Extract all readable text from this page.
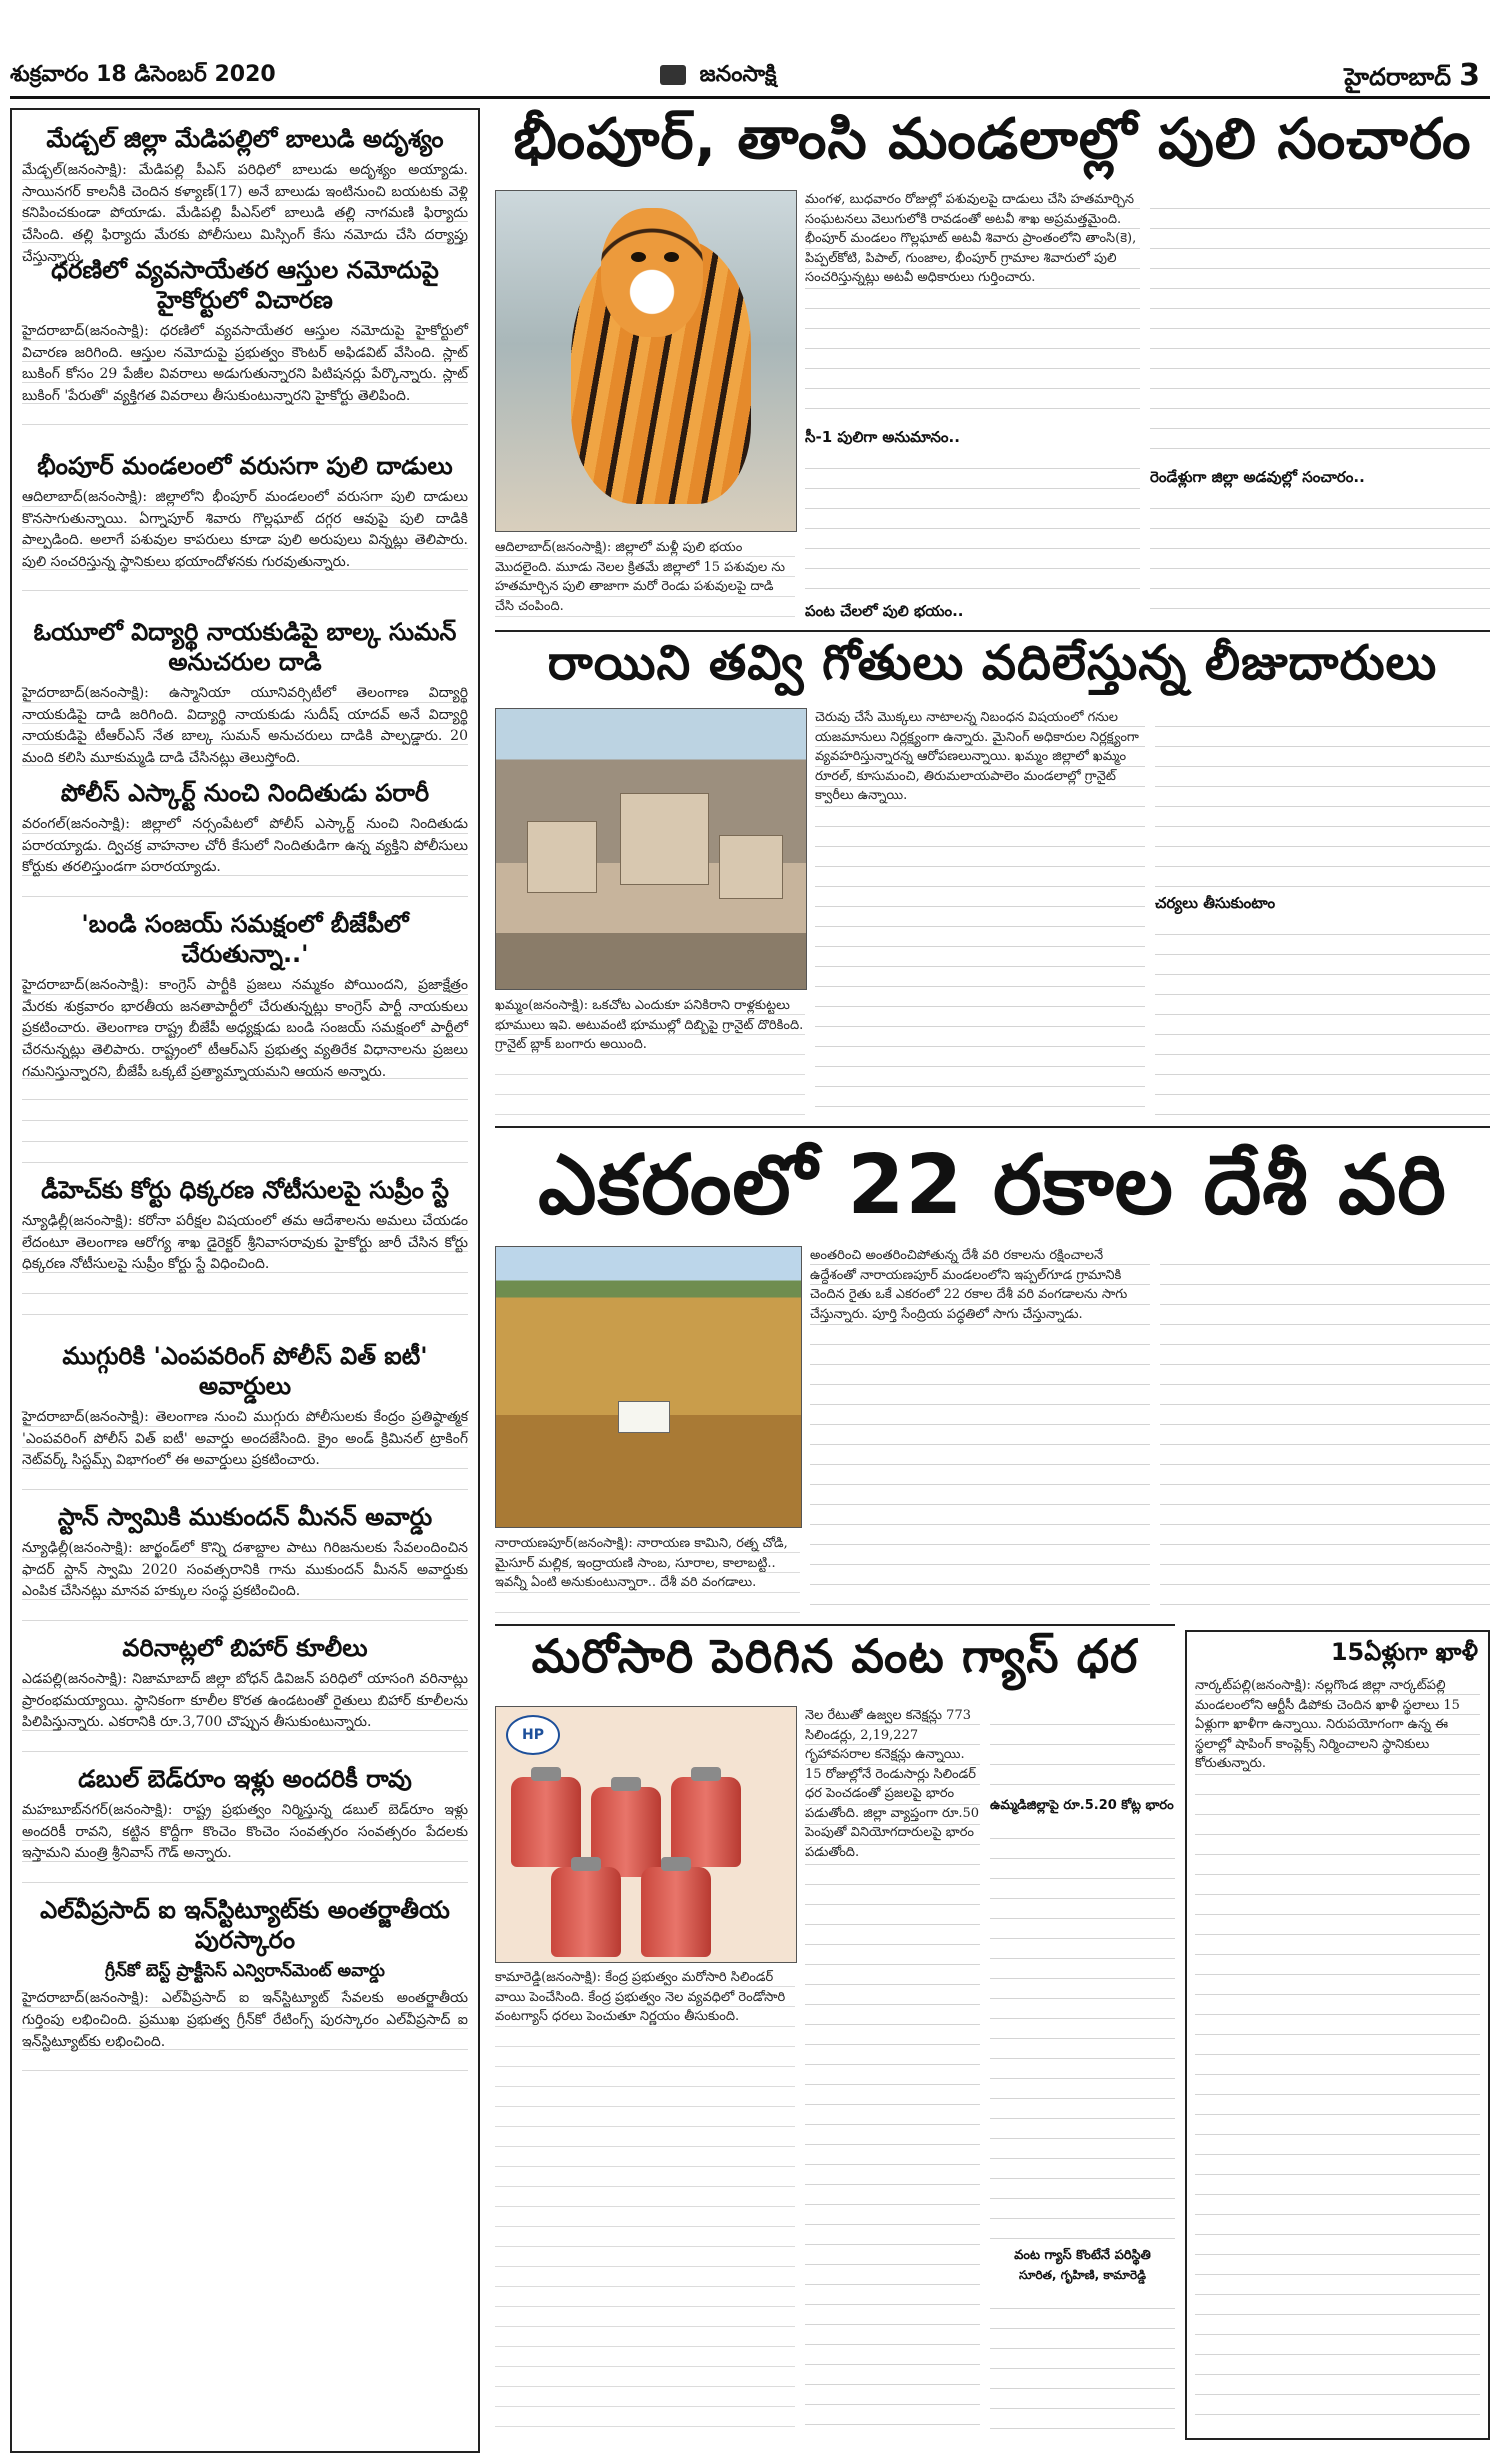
శుక్రవారం 18 డిసెంబర్ 2020	జనంసాక్షి	హైదరాబాద్ 3
మేడ్చల్ జిల్లా మేడిపల్లిలో బాలుడి అదృశ్యం
మేడ్చల్(జనంసాక్షి): మేడిపల్లి పీఎస్ పరిధిలో బాలుడు అదృశ్యం అయ్యాడు. సాయినగర్ కాలనీకి చెందిన కళ్యాణ్(17) అనే బాలుడు ఇంటినుంచి బయటకు వెళ్లి కనిపించకుండా పోయాడు. మేడిపల్లి పీఎస్‌లో బాలుడి తల్లి నాగమణి ఫిర్యాదు చేసింది. తల్లి ఫిర్యాదు మేరకు పోలీసులు మిస్సింగ్ కేసు నమోదు చేసి దర్యాప్తు చేస్తున్నారు.
ధరణిలో వ్యవసాయేతర ఆస్తుల నమోదుపై హైకోర్టులో విచారణ
హైదరాబాద్(జనంసాక్షి): ధరణిలో వ్యవసాయేతర ఆస్తుల నమోదుపై హైకోర్టులో విచారణ జరిగింది. ఆస్తుల నమోదుపై ప్రభుత్వం కౌంటర్ అఫిడవిట్ వేసింది. స్లాట్ బుకింగ్ కోసం 29 పేజీల వివరాలు అడుగుతున్నారని పిటిషనర్లు పేర్కొన్నారు. స్లాట్ బుకింగ్ 'పేరుతో' వ్యక్తిగత వివరాలు తీసుకుంటున్నారని హైకోర్టు తెలిపింది.
భీంపూర్ మండలంలో వరుసగా పులి దాడులు
ఆదిలాబాద్(జనంసాక్షి): జిల్లాలోని భీంపూర్ మండలంలో వరుసగా పులి దాడులు కొనసాగుతున్నాయి. ఏగ్నాపూర్ శివారు గొల్లఘాట్ దగ్గర ఆవుపై పులి దాడికి పాల్పడింది. అలాగే పశువుల కాపరులు కూడా పులి అరుపులు విన్నట్లు తెలిపారు. పులి సంచరిస్తున్న స్థానికులు భయాందోళనకు గురవుతున్నారు.
ఓయూలో విద్యార్థి నాయకుడిపై బాల్క సుమన్ అనుచరుల దాడి
హైదరాబాద్(జనంసాక్షి): ఉస్మానియా యూనివర్సిటీలో తెలంగాణ విద్యార్థి నాయకుడిపై దాడి జరిగింది. విద్యార్థి నాయకుడు సుదీష్ యాదవ్ అనే విద్యార్థి నాయకుడిపై టీఆర్ఎస్ నేత బాల్క సుమన్ అనుచరులు దాడికి పాల్పడ్డారు. 20 మంది కలిసి మూకుమ్మడి దాడి చేసినట్లు తెలుస్తోంది.
పోలీస్ ఎస్కార్ట్ నుంచి నిందితుడు పరారీ
వరంగల్(జనంసాక్షి): జిల్లాలో నర్సంపేటలో పోలీస్ ఎస్కార్ట్ నుంచి నిందితుడు పరారయ్యాడు. ద్విచక్ర వాహనాల చోరీ కేసులో నిందితుడిగా ఉన్న వ్యక్తిని పోలీసులు కోర్టుకు తరలిస్తుండగా పరారయ్యాడు.
'బండి సంజయ్ సమక్షంలో బీజేపీలో చేరుతున్నా..'
హైదరాబాద్(జనంసాక్షి): కాంగ్రెస్ పార్టీకి ప్రజలు నమ్మకం పోయిందని, ప్రజాక్షేత్రం మేరకు శుక్రవారం భారతీయ జనతాపార్టీలో చేరుతున్నట్లు కాంగ్రెస్ పార్టీ నాయకులు ప్రకటించారు. తెలంగాణ రాష్ట్ర బీజేపీ అధ్యక్షుడు బండి సంజయ్ సమక్షంలో పార్టీలో చేరనున్నట్లు తెలిపారు. రాష్ట్రంలో టీఆర్ఎస్ ప్రభుత్వ వ్యతిరేక విధానాలను ప్రజలు గమనిస్తున్నారని, బీజేపీ ఒక్కటే ప్రత్యామ్నాయమని ఆయన అన్నారు.
డీహెచ్‌కు కోర్టు ధిక్కరణ నోటీసులపై సుప్రీం స్టే
న్యూఢిల్లీ(జనంసాక్షి): కరోనా పరీక్షల విషయంలో తమ ఆదేశాలను అమలు చేయడం లేదంటూ తెలంగాణ ఆరోగ్య శాఖ డైరెక్టర్ శ్రీనివాసరావుకు హైకోర్టు జారీ చేసిన కోర్టు ధిక్కరణ నోటీసులపై సుప్రీం కోర్టు స్టే విధించింది.
ముగ్గురికి 'ఎంపవరింగ్ పోలీస్ విత్ ఐటీ' అవార్డులు
హైదరాబాద్(జనంసాక్షి): తెలంగాణ నుంచి ముగ్గురు పోలీసులకు కేంద్రం ప్రతిష్ఠాత్మక 'ఎంపవరింగ్ పోలీస్ విత్ ఐటీ' అవార్డు అందజేసింది. క్రైం అండ్ క్రిమినల్ ట్రాకింగ్ నెట్‌వర్క్ సిస్టమ్స్ విభాగంలో ఈ అవార్డులు ప్రకటించారు.
స్టాన్ స్వామికి ముకుందన్ మీనన్ అవార్డు
న్యూఢిల్లీ(జనంసాక్షి): జార్ఖండ్‌లో కొన్ని దశాబ్దాల పాటు గిరిజనులకు సేవలందించిన ఫాదర్ స్టాన్ స్వామి 2020 సంవత్సరానికి గాను ముకుందన్ మీనన్ అవార్డుకు ఎంపిక చేసినట్లు మానవ హక్కుల సంస్థ ప్రకటించింది.
వరినాట్లలో బిహార్ కూలీలు
ఎడపల్లి(జనంసాక్షి): నిజామాబాద్ జిల్లా బోధన్ డివిజన్ పరిధిలో యాసంగి వరినాట్లు ప్రారంభమయ్యాయి. స్థానికంగా కూలీల కొరత ఉండటంతో రైతులు బిహార్ కూలీలను పిలిపిస్తున్నారు. ఎకరానికి రూ.3,700 చొప్పున తీసుకుంటున్నారు.
డబుల్ బెడ్‌రూం ఇళ్లు అందరికీ రావు
మహబూబ్‌నగర్(జనంసాక్షి): రాష్ట్ర ప్రభుత్వం నిర్మిస్తున్న డబుల్ బెడ్‌రూం ఇళ్లు అందరికీ రావని, కట్టిన కొద్దీగా కొంచెం కొంచెం సంవత్సరం సంవత్సరం పేదలకు ఇస్తామని మంత్రి శ్రీనివాస్ గౌడ్ అన్నారు.
ఎల్‌వీప్రసాద్ ఐ ఇన్‌స్టిట్యూట్‌కు అంతర్జాతీయ పురస్కారం
గ్రీన్‌కో బెస్ట్ ప్రాక్టీసెస్ ఎన్విరాన్‌మెంట్ అవార్డు
హైదరాబాద్(జనంసాక్షి): ఎల్‌వీప్రసాద్ ఐ ఇన్‌స్టిట్యూట్ సేవలకు అంతర్జాతీయ గుర్తింపు లభించింది. ప్రముఖ ప్రభుత్వ గ్రీన్‌కో రేటింగ్స్ పురస్కారం ఎల్‌వీప్రసాద్ ఐ ఇన్‌స్టిట్యూట్‌కు లభించింది.
భీంపూర్, తాంసి మండలాల్లో పులి సంచారం
ఆదిలాబాద్(జనంసాక్షి): జిల్లాలో మళ్లీ పులి భయం మొదలైంది. మూడు నెలల క్రితమే జిల్లాలో 15 పశువుల ను హతమార్చిన పులి తాజాగా మరో రెండు పశువులపై దాడి చేసి చంపింది.
మంగళ, బుధవారం రోజుల్లో పశువులపై దాడులు చేసి హతమార్చిన సంఘటనలు వెలుగులోకి రావడంతో అటవీ శాఖ అప్రమత్తమైంది. భీంపూర్ మండలం గొల్లఘాట్ అటవీ శివారు ప్రాంతంలోని తాంసి(కె), పిప్పల్‌కోటి, పిపాల్, గుంజాల, భీంపూర్ గ్రామాల శివారులో పులి సంచరిస్తున్నట్లు అటవీ అధికారులు గుర్తించారు.
సీ-1 పులిగా అనుమానం..
పంట చేలలో పులి భయం..
రెండేళ్లుగా జిల్లా అడవుల్లో సంచారం..
రాయిని తవ్వి గోతులు వదిలేస్తున్న లీజుదారులు
ఖమ్మం(జనంసాక్షి): ఒకచోట ఎందుకూ పనికిరాని రాళ్లకుట్టలు భూములు ఇవి. అటువంటి భూముల్లో దిబ్బిపై గ్రానైట్ దొరికింది. గ్రానైట్ బ్లాక్ బంగారు అయింది.
చెరువు చేసే మొక్కలు నాటాలన్న నిబంధన విషయంలో గనుల యజమానులు నిర్లక్ష్యంగా ఉన్నారు. మైనింగ్ అధికారుల నిర్లక్ష్యంగా వ్యవహరిస్తున్నారన్న ఆరోపణలున్నాయి. ఖమ్మం జిల్లాలో ఖమ్మం రూరల్, కూసుమంచి, తిరుమలాయపాలెం మండలాల్లో గ్రానైట్ క్వారీలు ఉన్నాయి.
చర్యలు తీసుకుంటాం
ఎకరంలో 22 రకాల దేశీ వరి
నారాయణపూర్(జనంసాక్షి): నారాయణ కామిని, రత్న చోడి, మైసూర్ మల్లిక, ఇంద్రాయణి సాంబ, సూరాల, కాలాబట్టి.. ఇవన్నీ ఏంటి అనుకుంటున్నారా.. దేశీ వరి వంగడాలు.
అంతరించి అంతరించిపోతున్న దేశీ వరి రకాలను రక్షించాలనే ఉద్దేశంతో నారాయణపూర్ మండలంలోని ఇప్పల్‌గూడ గ్రామానికి చెందిన రైతు ఒకే ఎకరంలో 22 రకాల దేశీ వరి వంగడాలను సాగు చేస్తున్నారు. పూర్తి సేంద్రియ పద్ధతిలో సాగు చేస్తున్నాడు.
మరోసారి పెరిగిన వంట గ్యాస్ ధర
HP
కామారెడ్డి(జనంసాక్షి): కేంద్ర ప్రభుత్వం మరోసారి సిలిండర్ వాయి పెంచేసింది. కేంద్ర ప్రభుత్వం నెల వ్యవధిలో రెండోసారి వంటగ్యాస్ ధరలు పెంచుతూ నిర్ణయం తీసుకుంది.
నెల రేటుతో ఉజ్వల కనెక్షన్లు 773 సిలిండర్లు, 2,19,227 గృహావసరాల కనెక్షన్లు ఉన్నాయి. 15 రోజుల్లోనే రెండుసార్లు సిలిండర్ ధర పెంచడంతో ప్రజలపై భారం పడుతోంది. జిల్లా వ్యాప్తంగా రూ.50 పెంపుతో వినియోగదారులపై భారం పడుతోంది.
ఉమ్మడిజిల్లాపై రూ.5.20 కోట్ల భారం
వంట గ్యాస్ కొంటేనే పరిస్థితి
సూరిత, గృహిణి, కామారెడ్డి
15ఏళ్లుగా ఖాళీ
నార్కట్‌పల్లి(జనంసాక్షి): నల్లగొండ జిల్లా నార్కట్‌పల్లి మండలంలోని ఆర్టీసీ డిపోకు చెందిన ఖాళీ స్థలాలు 15 ఏళ్లుగా ఖాళీగా ఉన్నాయి. నిరుపయోగంగా ఉన్న ఈ స్థలాల్లో షాపింగ్ కాంప్లెక్స్ నిర్మించాలని స్థానికులు కోరుతున్నారు.
